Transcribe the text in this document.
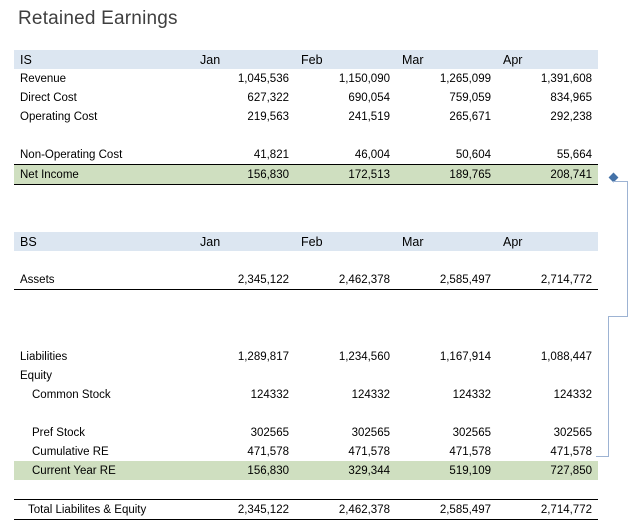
Retained Earnings
IS	Jan	Feb	Mar	Apr
Revenue	1,045,536	1,150,090	1,265,099	1,391,608
Direct Cost	627,322	690,054	759,059	834,965
Operating Cost	219,563	241,519	265,671	292,238

Non-Operating Cost	41,821	46,004	50,604	55,664
Net Income	156,830	172,513	189,765	208,741
BS	Jan	Feb	Mar	Apr

Assets	2,345,122	2,462,378	2,585,497	2,714,772

Liabilities	1,289,817	1,234,560	1,167,914	1,088,447
Equity				
Common Stock	124332	124332	124332	124332

Pref Stock	302565	302565	302565	302565
Cumulative RE	471,578	471,578	471,578	471,578
Current Year RE	156,830	329,344	519,109	727,850

Total Liabilites & Equity	2,345,122	2,462,378	2,585,497	2,714,772
